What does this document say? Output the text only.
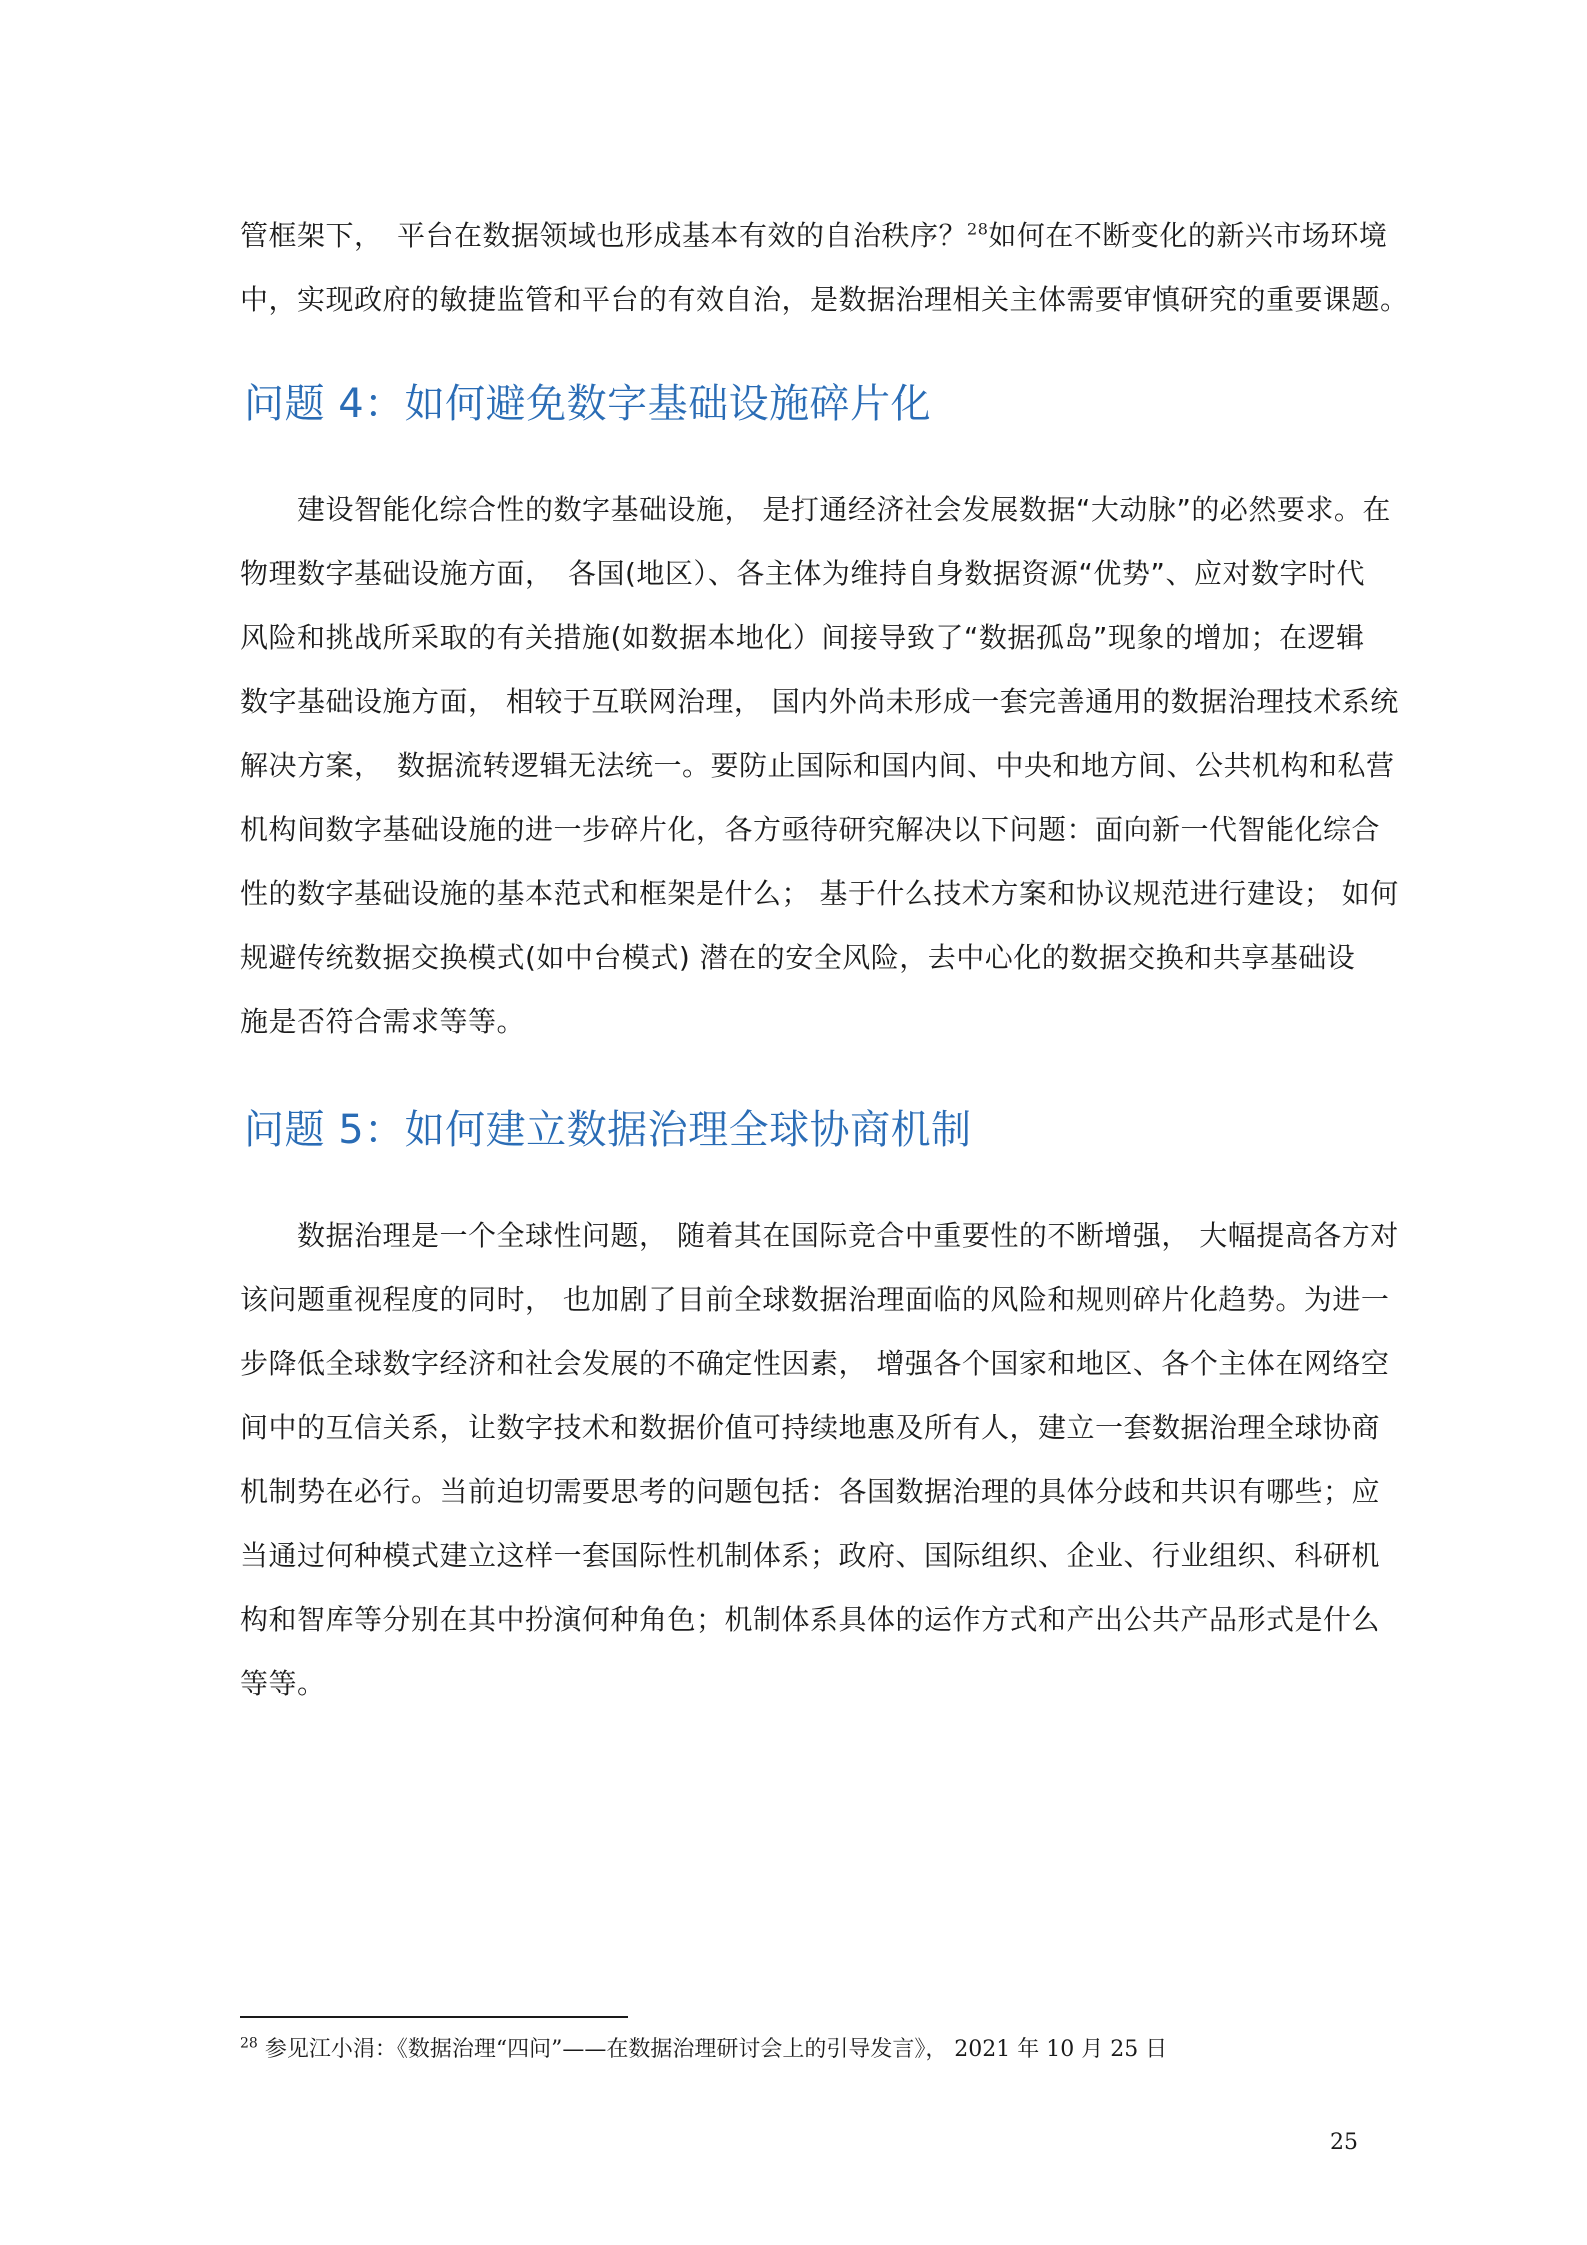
管框架下，　平台在数据领域也形成基本有效的自治秩序？$^{28}$如何在不断变化的新兴市场环境
中，实现政府的敏捷监管和平台的有效自治，是数据治理相关主体需要审慎研究的重要课题。

问题 4：如何避免数字基础设施碎片化

　　建设智能化综合性的数字基础设施， 是打通经济社会发展数据“大动脉”的必然要求。在
物理数字基础设施方面，　各国(地区）、各主体为维持自身数据资源“优势”、应对数字时代
风险和挑战所采取的有关措施(如数据本地化）间接导致了“数据孤岛”现象的增加；在逻辑
数字基础设施方面， 相较于互联网治理， 国内外尚未形成一套完善通用的数据治理技术系统
解决方案，　数据流转逻辑无法统一。要防止国际和国内间、中央和地方间、公共机构和私营
机构间数字基础设施的进一步碎片化，各方亟待研究解决以下问题：面向新一代智能化综合
性的数字基础设施的基本范式和框架是什么； 基于什么技术方案和协议规范进行建设； 如何
规避传统数据交换模式(如中台模式) 潜在的安全风险，去中心化的数据交换和共享基础设
施是否符合需求等等。

问题 5：如何建立数据治理全球协商机制

　　数据治理是一个全球性问题， 随着其在国际竞合中重要性的不断增强， 大幅提高各方对
该问题重视程度的同时， 也加剧了目前全球数据治理面临的风险和规则碎片化趋势。为进一
步降低全球数字经济和社会发展的不确定性因素， 增强各个国家和地区、各个主体在网络空
间中的互信关系，让数字技术和数据价值可持续地惠及所有人，建立一套数据治理全球协商
机制势在必行。当前迫切需要思考的问题包括：各国数据治理的具体分歧和共识有哪些；应
当通过何种模式建立这样一套国际性机制体系；政府、国际组织、企业、行业组织、科研机
构和智库等分别在其中扮演何种角色；机制体系具体的运作方式和产出公共产品形式是什么
等等。

$^{28}$ 参见江小涓：《数据治理“四问”——在数据治理研讨会上的引导发言》， 2021 年 10 月 25 日
25
